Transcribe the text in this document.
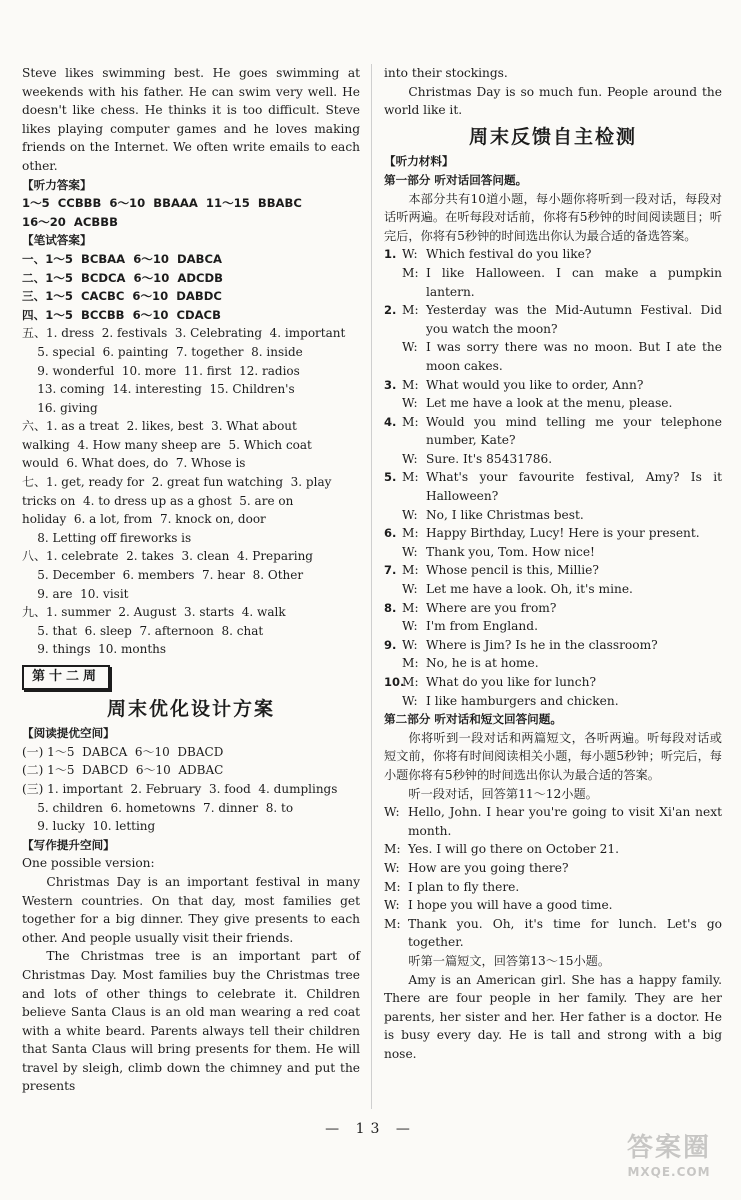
Steve likes swimming best. He goes swimming at weekends with his father. He can swim very well. He doesn't like chess. He thinks it is too difficult. Steve likes playing computer games and he loves making friends on the Internet. We often write emails to each other.

【听力答案】

1～5  CCBBB  6～10  BBAAA  11～15  BBABC

16～20  ACBBB

【笔试答案】

一、1～5  BCBAA  6～10  DABCA

二、1～5  BCDCA  6～10  ADCDB

三、1～5  CACBC  6～10  DABDC

四、1～5  BCCBB  6～10  CDACB

五、1. dress  2. festivals  3. Celebrating  4. important

5. special  6. painting  7. together  8. inside

9. wonderful  10. more  11. first  12. radios

13. coming  14. interesting  15. Children's

16. giving

六、1. as a treat  2. likes, best  3. What about

walking  4. How many sheep are  5. Which coat

would  6. What does, do  7. Whose is

七、1. get, ready for  2. great fun watching  3. play

tricks on  4. to dress up as a ghost  5. are on

holiday  6. a lot, from  7. knock on, door

8. Letting off fireworks is

八、1. celebrate  2. takes  3. clean  4. Preparing

5. December  6. members  7. hear  8. Other

9. are  10. visit

九、1. summer  2. August  3. starts  4. walk

5. that  6. sleep  7. afternoon  8. chat

9. things  10. months

第十二周

周末优化设计方案

【阅读提优空间】

(一) 1～5  DABCA  6～10  DBACD

(二) 1～5  DABCD  6～10  ADBAC

(三) 1. important  2. February  3. food  4. dumplings

5. children  6. hometowns  7. dinner  8. to

9. lucky  10. letting

【写作提升空间】

One possible version:

Christmas Day is an important festival in many Western countries. On that day, most families get together for a big dinner. They give presents to each other. And people usually visit their friends.

The Christmas tree is an important part of Christmas Day. Most families buy the Christmas tree and lots of other things to celebrate it. Children believe Santa Claus is an old man wearing a red coat with a white beard. Parents always tell their children that Santa Claus will bring presents for them. He will travel by sleigh, climb down the chimney and put the presents

into their stockings.

Christmas Day is so much fun. People around the world like it.

周末反馈自主检测

【听力材料】

第一部分 听对话回答问题。

本部分共有10道小题，每小题你将听到一段对话，每段对话听两遍。在听每段对话前，你将有5秒钟的时间阅读题目；听完后，你将有5秒钟的时间选出你认为最合适的备选答案。

1. W: Which festival do you like?
M: I like Halloween. I can make a pumpkin lantern.
2. M: Yesterday was the Mid-Autumn Festival. Did you watch the moon?
W: I was sorry there was no moon. But I ate the moon cakes.
3. M: What would you like to order, Ann?
W: Let me have a look at the menu, please.
4. M: Would you mind telling me your telephone number, Kate?
W: Sure. It's 85431786.
5. M: What's your favourite festival, Amy? Is it Halloween?
W: No, I like Christmas best.
6. M: Happy Birthday, Lucy! Here is your present.
W: Thank you, Tom. How nice!
7. M: Whose pencil is this, Millie?
W: Let me have a look. Oh, it's mine.
8. M: Where are you from?
W: I'm from England.
9. W: Where is Jim? Is he in the classroom?
M: No, he is at home.
10.
M: What do you like for lunch?
W: I like hamburgers and chicken.

第二部分 听对话和短文回答问题。

你将听到一段对话和两篇短文，各听两遍。听每段对话或短文前，你将有时间阅读相关小题，每小题5秒钟；听完后，每小题你将有5秒钟的时间选出你认为最合适的答案。

听一段对话，回答第11～12小题。

W: Hello, John. I hear you're going to visit Xi'an next month.
M: Yes. I will go there on October 21.
W: How are you going there?
M: I plan to fly there.
W: I hope you will have a good time.
M: Thank you. Oh, it's time for lunch. Let's go together.

听第一篇短文，回答第13～15小题。

Amy is an American girl. She has a happy family. There are four people in her family. They are her parents, her sister and her. Her father is a doctor. He is busy every day. He is tall and strong with a big nose.

— 13 —
答案圈
MXQE.COM
